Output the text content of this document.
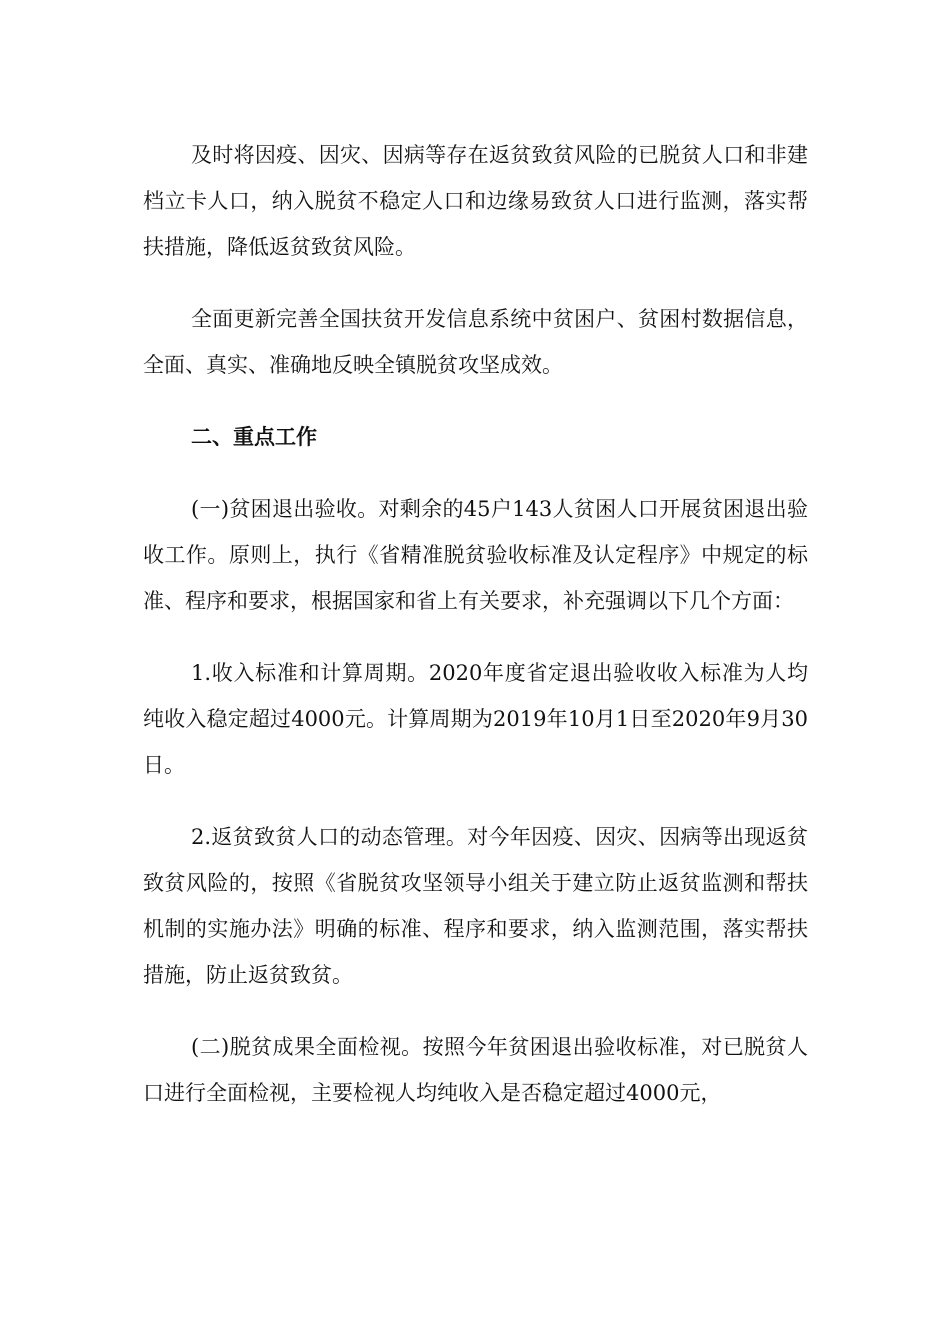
及时将因疫、因灾、因病等存在返贫致贫风险的已脱贫人口和非建档立卡人口，纳入脱贫不稳定人口和边缘易致贫人口进行监测，落实帮扶措施，降低返贫致贫风险。

全面更新完善全国扶贫开发信息系统中贫困户、贫困村数据信息，全面、真实、准确地反映全镇脱贫攻坚成效。

二、重点工作

(一)贫困退出验收。对剩余的45户143人贫困人口开展贫困退出验收工作。原则上，执行《省精准脱贫验收标准及认定程序》中规定的标准、程序和要求，根据国家和省上有关要求，补充强调以下几个方面：

1.收入标准和计算周期。2020年度省定退出验收收入标准为人均纯收入稳定超过4000元。计算周期为2019年10月1日至2020年9月30日。

2.返贫致贫人口的动态管理。对今年因疫、因灾、因病等出现返贫致贫风险的，按照《省脱贫攻坚领导小组关于建立防止返贫监测和帮扶机制的实施办法》明确的标准、程序和要求，纳入监测范围，落实帮扶措施，防止返贫致贫。

(二)脱贫成果全面检视。按照今年贫困退出验收标准，对已脱贫人口进行全面检视，主要检视人均纯收入是否稳定超过4000元，
